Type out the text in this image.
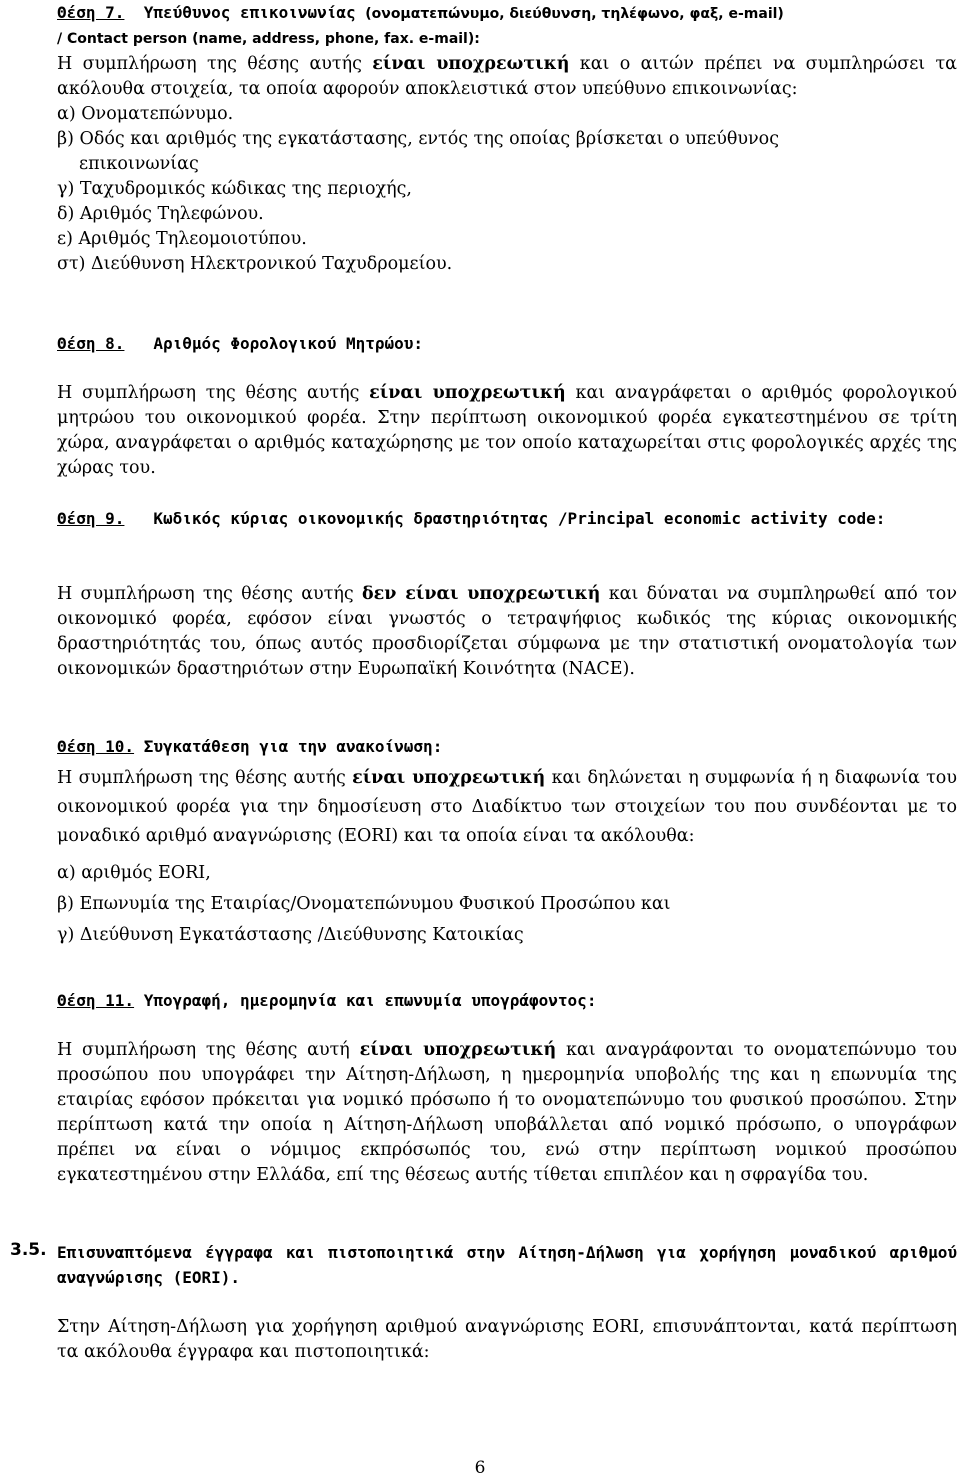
Θέση 7. Υπεύθυνος επικοινωνίας (ονοματεπώνυμο, διεύθυνση, τηλέφωνο, φαξ, e-mail)

/ Contact person (name, address, phone, fax. e-mail):

Η συμπλήρωση της θέσης αυτής είναι υποχρεωτική και ο αιτών πρέπει να συμπληρώσει τα ακόλουθα στοιχεία, τα οποία αφορούν αποκλειστικά στον υπεύθυνο επικοινωνίας:

α) Ονοματεπώνυμο.

β) Οδός και αριθμός της εγκατάστασης, εντός της οποίας βρίσκεται ο υπεύθυνος

επικοινωνίας

γ) Ταχυδρομικός κώδικας της περιοχής,

δ) Αριθμός Τηλεφώνου.

ε) Αριθμός Τηλεομοιοτύπου.

στ) Διεύθυνση Ηλεκτρονικού Ταχυδρομείου.

Θέση 8. Αριθμός Φορολογικού Μητρώου:

Η συμπλήρωση της θέσης αυτής είναι υποχρεωτική και αναγράφεται ο αριθμός φορολογικού μητρώου του οικονομικού φορέα. Στην περίπτωση οικονομικού φορέα εγκατεστημένου σε τρίτη χώρα, αναγράφεται ο αριθμός καταχώρησης με τον οποίο καταχωρείται στις φορολογικές αρχές της χώρας του.
Θέση 9. Κωδικός κύριας οικονομικής δραστηριότητας /Principal economic activity code:
Η συμπλήρωση της θέσης αυτής δεν είναι υποχρεωτική και δύναται να συμπληρωθεί από τον οικονομικό φορέα, εφόσον είναι γνωστός ο τετραψήφιος κωδικός της κύριας οικονομικής δραστηριότητάς του, όπως αυτός προσδιορίζεται σύμφωνα με την στατιστική ονοματολογία των οικονομικών δραστηριότων στην Ευρωπαϊκή Κοινότητα (NACE).
Θέση 10. Συγκατάθεση για την ανακοίνωση:

Η συμπλήρωση της θέσης αυτής είναι υποχρεωτική και δηλώνεται η συμφωνία ή η διαφωνία του οικονομικού φορέα για την δημοσίευση στο Διαδίκτυο των στοιχείων του που συνδέονται με το μοναδικό αριθμό αναγνώρισης (EORI) και τα οποία είναι τα ακόλουθα:

α) αριθμός EORI,

β) Επωνυμία της Εταιρίας/Ονοματεπώνυμου Φυσικού Προσώπου και

γ) Διεύθυνση Εγκατάστασης /Διεύθυνσης Κατοικίας

Θέση 11. Υπογραφή, ημερομηνία και επωνυμία υπογράφοντος:
Η συμπλήρωση της θέσης αυτή είναι υποχρεωτική και αναγράφονται το ονοματεπώνυμο του προσώπου που υπογράφει την Αίτηση-Δήλωση, η ημερομηνία υποβολής της και η επωνυμία της εταιρίας εφόσον πρόκειται για νομικό πρόσωπο ή το ονοματεπώνυμο του φυσικού προσώπου. Στην περίπτωση κατά την οποία η Αίτηση-Δήλωση υποβάλλεται από νομικό πρόσωπο, ο υπογράφων πρέπει να είναι ο νόμιμος εκπρόσωπός του, ενώ στην περίπτωση νομικού προσώπου εγκατεστημένου στην Ελλάδα, επί της θέσεως αυτής τίθεται επιπλέον και η σφραγίδα του.
3.5. Επισυναπτόμενα έγγραφα και πιστοποιητικά στην Αίτηση-Δήλωση για χορήγηση μοναδικού αριθμού αναγνώρισης (EORI).
Στην Αίτηση-Δήλωση για χορήγηση αριθμού αναγνώρισης EORI, επισυνάπτονται, κατά περίπτωση τα ακόλουθα έγγραφα και πιστοποιητικά:
6
